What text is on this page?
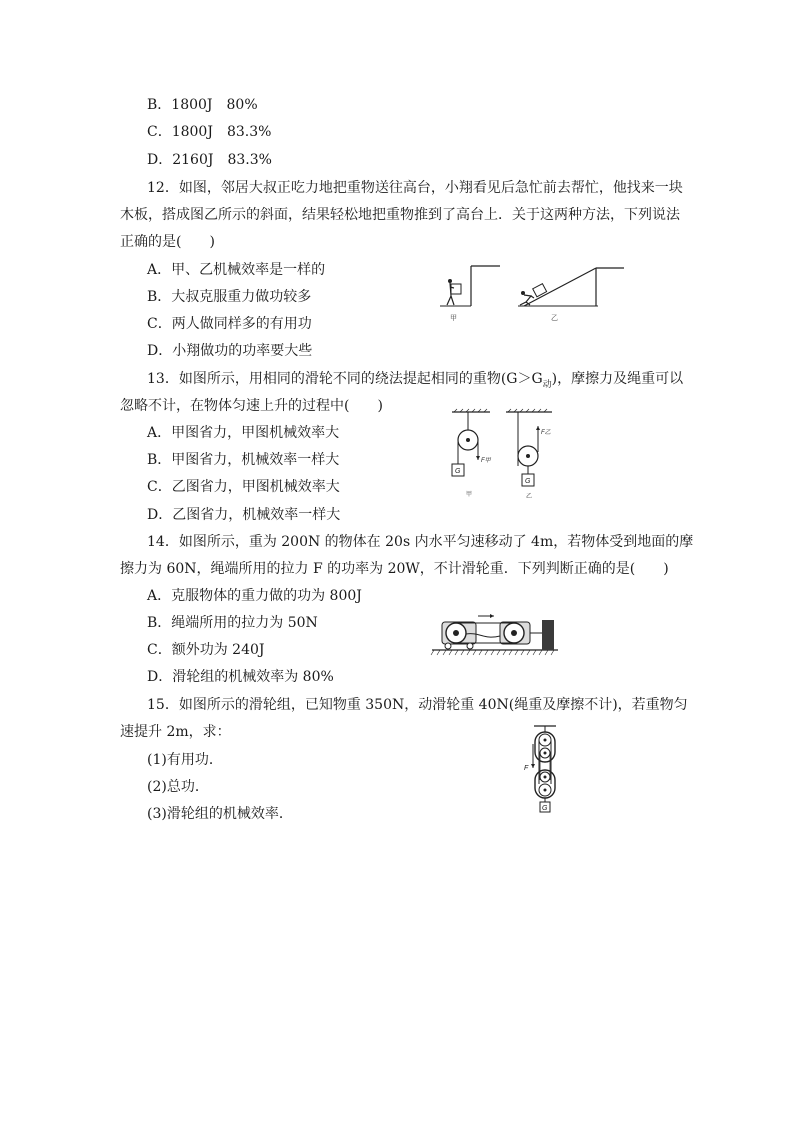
B．1800J　80%
C．1800J　83.3%
D．2160J　83.3%
12．如图，邻居大叔正吃力地把重物送往高台，小翔看见后急忙前去帮忙，他找来一块
木板，搭成图乙所示的斜面，结果轻松地把重物推到了高台上．关于这两种方法，下列说法
正确的是(　　)
A．甲、乙机械效率是一样的
B．大叔克服重力做功较多
C．两人做同样多的有用功
D．小翔做功的功率要大些
甲	乙
13．如图所示，用相同的滑轮不同的绕法提起相同的重物$(G>G_动)$，摩擦力及绳重可以
忽略不计，在物体匀速上升的过程中(　　)
A．甲图省力，甲图机械效率大
B．甲图省力，机械效率一样大
C．乙图省力，甲图机械效率大
D．乙图省力，机械效率一样大
F甲
G
甲
F乙
G
乙
14．如图所示，重为 200N 的物体在 20s 内水平匀速移动了 4m，若物体受到地面的摩
擦力为 60N，绳端所用的拉力 F 的功率为 20W，不计滑轮重．下列判断正确的是(　　)
A．克服物体的重力做的功为 800J
B．绳端所用的拉力为 50N
C．额外功为 240J
D．滑轮组的机械效率为 80%
15．如图所示的滑轮组，已知物重 350N，动滑轮重 40N(绳重及摩擦不计)，若重物匀
速提升 2m，求：
(1)有用功．
(2)总功．
(3)滑轮组的机械效率．
F
G
